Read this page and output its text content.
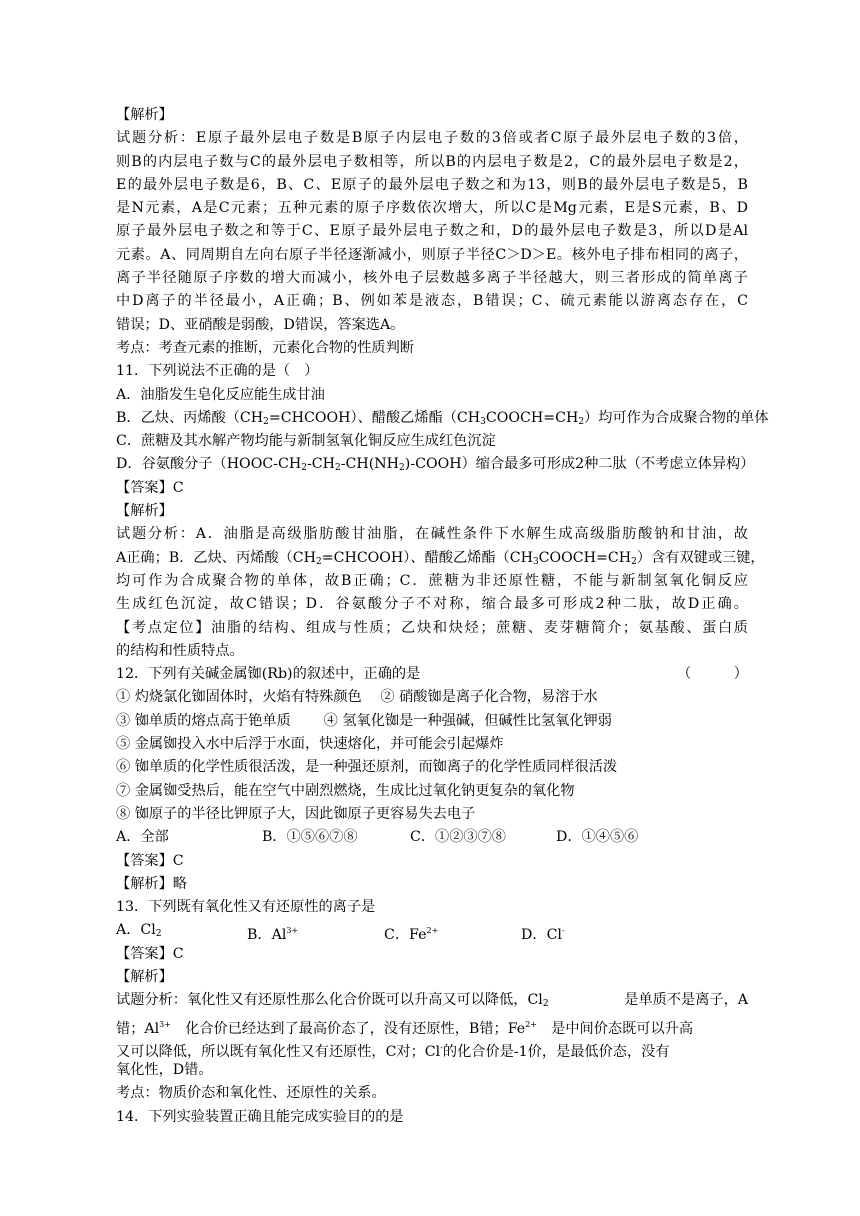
【解析】
试题分析：E原子最外层电子数是B原子内层电子数的3倍或者C原子最外层电子数的3倍，
则B的内层电子数与C的最外层电子数相等，所以B的内层电子数是2，C的最外层电子数是2，
E的最外层电子数是6，B、C、E原子的最外层电子数之和为13，则B的最外层电子数是5，B
是N元素，A是C元素；五种元素的原子序数依次增大，所以C是Mg元素，E是S元素，B、D
原子最外层电子数之和等于C、E原子最外层电子数之和，D的最外层电子数是3，所以D是Al
元素。A、同周期自左向右原子半径逐渐减小，则原子半径C＞D＞E。核外电子排布相同的离子，
离子半径随原子序数的增大而减小，核外电子层数越多离子半径越大，则三者形成的简单离子
中D离子的半径最小，A正确；B、例如苯是液态，B错误；C、硫元素能以游离态存在，C
错误；D、亚硝酸是弱酸，D错误，答案选A。
考点：考查元素的推断，元素化合物的性质判断
11．下列说法不正确的是（　）
A．油脂发生皂化反应能生成甘油
B．乙炔、丙烯酸$(CH_2=CHCOOH)$、醋酸乙烯酯$(CH_3COOCH=CH_2)$均可作为合成聚合物的单体
C．蔗糖及其水解产物均能与新制氢氧化铜反应生成红色沉淀
D．谷氨酸分子$(HOOC-CH_2-CH_2-CH(NH_2)-COOH)$缩合最多可形成2种二肽（不考虑立体异构）
【答案】C
【解析】
试题分析：A．油脂是高级脂肪酸甘油脂，在碱性条件下水解生成高级脂肪酸钠和甘油，故
A正确；B．乙炔、丙烯酸$(CH_2=CHCOOH)$、醋酸乙烯酯$(CH_3COOCH=CH_2)$含有双键或三键，
均可作为合成聚合物的单体，故B正确；C．蔗糖为非还原性糖，不能与新制氢氧化铜反应
生成红色沉淀，故C错误；D．谷氨酸分子不对称，缩合最多可形成2种二肽，故D正确。
【考点定位】油脂的结构、组成与性质；乙炔和炔烃；蔗糖、麦芽糖简介；氨基酸、蛋白质
的结构和性质特点。
12．下列有关碱金属铷(Rb)的叙述中，正确的是	（　　　）
① 灼烧氯化铷固体时，火焰有特殊颜色　 ② 硝酸铷是离子化合物，易溶于水
③ 铷单质的熔点高于铯单质　　 ④ 氢氧化铷是一种强碱，但碱性比氢氧化钾弱
⑤ 金属铷投入水中后浮于水面，快速熔化，并可能会引起爆炸
⑥ 铷单质的化学性质很活泼，是一种强还原剂，而铷离子的化学性质同样很活泼
⑦ 金属铷受热后，能在空气中剧烈燃烧，生成比过氧化钠更复杂的氧化物
⑧ 铷原子的半径比钾原子大，因此铷原子更容易失去电子
A．全部	B．①⑤⑥⑦⑧	C．①②③⑦⑧	D．①④⑤⑥
【答案】C
【解析】略
13．下列既有氧化性又有还原性的离子是
A．Cl2	B．Al3+	C．Fe2+	D．Cl-
【答案】C
【解析】
试题分析：氧化性又有还原性那么化合价既可以升高又可以降低，$Cl_2$	　是单质不是离子，A
错；$Al^{3+}$　化合价已经达到了最高价态了，没有还原性，B错；$Fe^{2+}$　是中间价态既可以升高
又可以降低，所以既有氧化性又有还原性，C对；Cl-的化合价是-1价，是最低价态，没有
氧化性，D错。
考点：物质价态和氧化性、还原性的关系。
14．下列实验装置正确且能完成实验目的的是
